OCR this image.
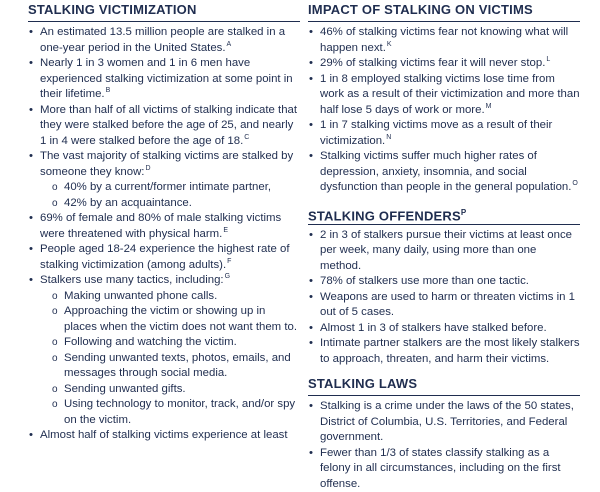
STALKING VICTIMIZATION
• An estimated 13.5 million people are stalked in a one-year period in the United States.$^A$
• Nearly 1 in 3 women and 1 in 6 men have experienced stalking victimization at some point in their lifetime.$^B$
• More than half of all victims of stalking indicate that they were stalked before the age of 25, and nearly 1 in 4 were stalked before the age of 18.$^C$
• The vast majority of stalking victims are stalked by someone they know:$^D$
o 40% by a current/former intimate partner,
o 42% by an acquaintance.
• 69% of female and 80% of male stalking victims were threatened with physical harm.$^E$
• People aged 18-24 experience the highest rate of stalking victimization (among adults).$^F$
• Stalkers use many tactics, including:$^G$
o Making unwanted phone calls.
o Approaching the victim or showing up in places when the victim does not want them to.
o Following and watching the victim.
o Sending unwanted texts, photos, emails, and messages through social media.
o Sending unwanted gifts.
o Using technology to monitor, track, and/or spy on the victim.
• Almost half of stalking victims experience at least
IMPACT OF STALKING ON VICTIMS
• 46% of stalking victims fear not knowing what will happen next.$^K$
• 29% of stalking victims fear it will never stop.$^L$
• 1 in 8 employed stalking victims lose time from work as a result of their victimization and more than half lose 5 days of work or more.$^M$
• 1 in 7 stalking victims move as a result of their victimization.$^N$
• Stalking victims suffer much higher rates of depression, anxiety, insomnia, and social dysfunction than people in the general population.$^O$
STALKING $OFFENDERS^P$
• 2 in 3 of stalkers pursue their victims at least once per week, many daily, using more than one method.
• 78% of stalkers use more than one tactic.
• Weapons are used to harm or threaten victims in 1 out of 5 cases.
• Almost 1 in 3 of stalkers have stalked before.
• Intimate partner stalkers are the most likely stalkers to approach, threaten, and harm their victims.
STALKING LAWS
• Stalking is a crime under the laws of the 50 states, District of Columbia, U.S. Territories, and Federal government.
• Fewer than 1/3 of states classify stalking as a felony in all circumstances, including on the first offense.
